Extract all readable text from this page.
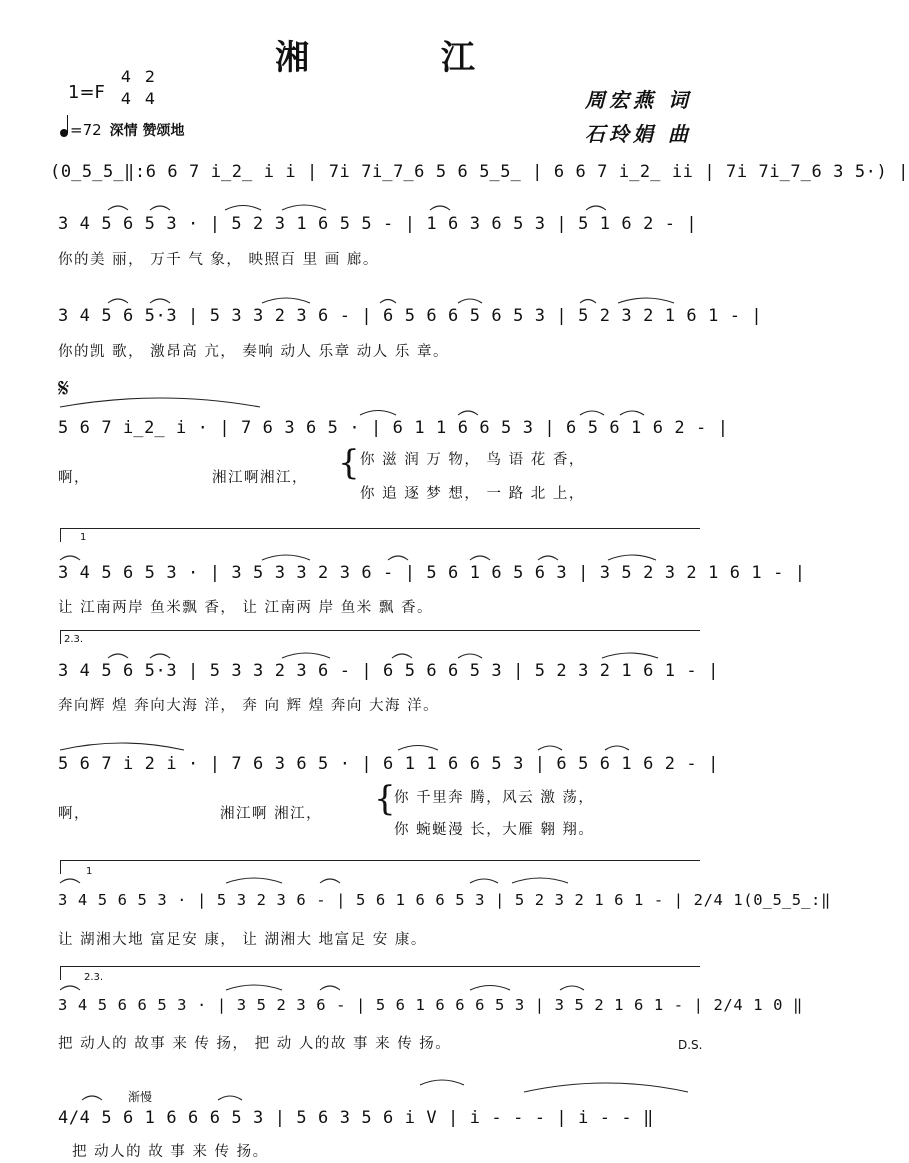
湘 江
1=F
4
4
2
4
=72 深情 赞颂地
周宏燕 词
石玲娟 曲
(0̲5̲5̲‖:6 6 7 i̲2̲ i i | 7i 7i̲7̲6 5 6 5̲5̲ | 6 6 7 i̲2̲ ii | 7i 7i̲7̲6 3 5·) |
3 4 5 6 5 3 · | 5 2 3 1 6 5 5 - | 1 6 3 6 5 3 | 5 1 6 2 - |
你的美 丽， 万千 气 象， 映照百 里 画 廊。
3 4 5 6 5·3 | 5 3 3 2 3 6 - | 6 5 6 6 5 6 5 3 | 5 2 3 2 1 6 1 - |
你的凯 歌， 激昂高 亢， 奏响 动人 乐章 动人 乐 章。
𝄋
5 6 7 i̲2̲ i · | 7 6 3 6 5 · | 6 1 1 6 6 5 3 | 6 5 6 1 6 2 - |
啊，	湘江啊湘江， { 你 滋 润 万 物， 鸟 语 花 香，
你 追 逐 梦 想， 一 路 北 上，
1
3 4 5 6 5 3 · | 3 5 3 3 2 3 6 - | 5 6 1 6 5 6 3 | 3 5 2 3 2 1 6 1 - |
让 江南两岸 鱼米飘 香， 让 江南两 岸 鱼米 飘 香。
2.3.
3 4 5 6 5·3 | 5 3 3 2 3 6 - | 6 5 6 6 5 3 | 5 2 3 2 1 6 1 - |
奔向辉 煌 奔向大海 洋， 奔 向 辉 煌 奔向 大海 洋。
5 6 7 i 2 i · | 7 6 3 6 5 · | 6 1 1 6 6 5 3 | 6 5 6 1 6 2 - |
啊，	湘江啊 湘江， {
你 千里奔 腾，风云 激 荡，
你 蜿蜒漫 长，大雁 翱 翔。
1
3 4 5 6 5 3 · | 5 3 2 3 6 - | 5 6 1 6 6 5 3 | 5 2 3 2 1 6 1 - | 2/4 1(0̲5̲5̲:‖
让 湖湘大地 富足安 康， 让 湖湘大 地富足 安 康。
2.3.
3 4 5 6 6 5 3 · | 3 5 2 3 6 - | 5 6 1 6 6 6 5 3 | 3 5 2 1 6 1 - | 2/4 1 0 ‖
把 动人的 故事 来 传 扬， 把 动 人的故 事 来 传 扬。	D.S.
渐慢
4/4 5 6 1 6 6 6 5 3 | 5 6 3 5 6 i V | i - - - | i - - ‖
把 动人的 故 事 来 传 扬。
